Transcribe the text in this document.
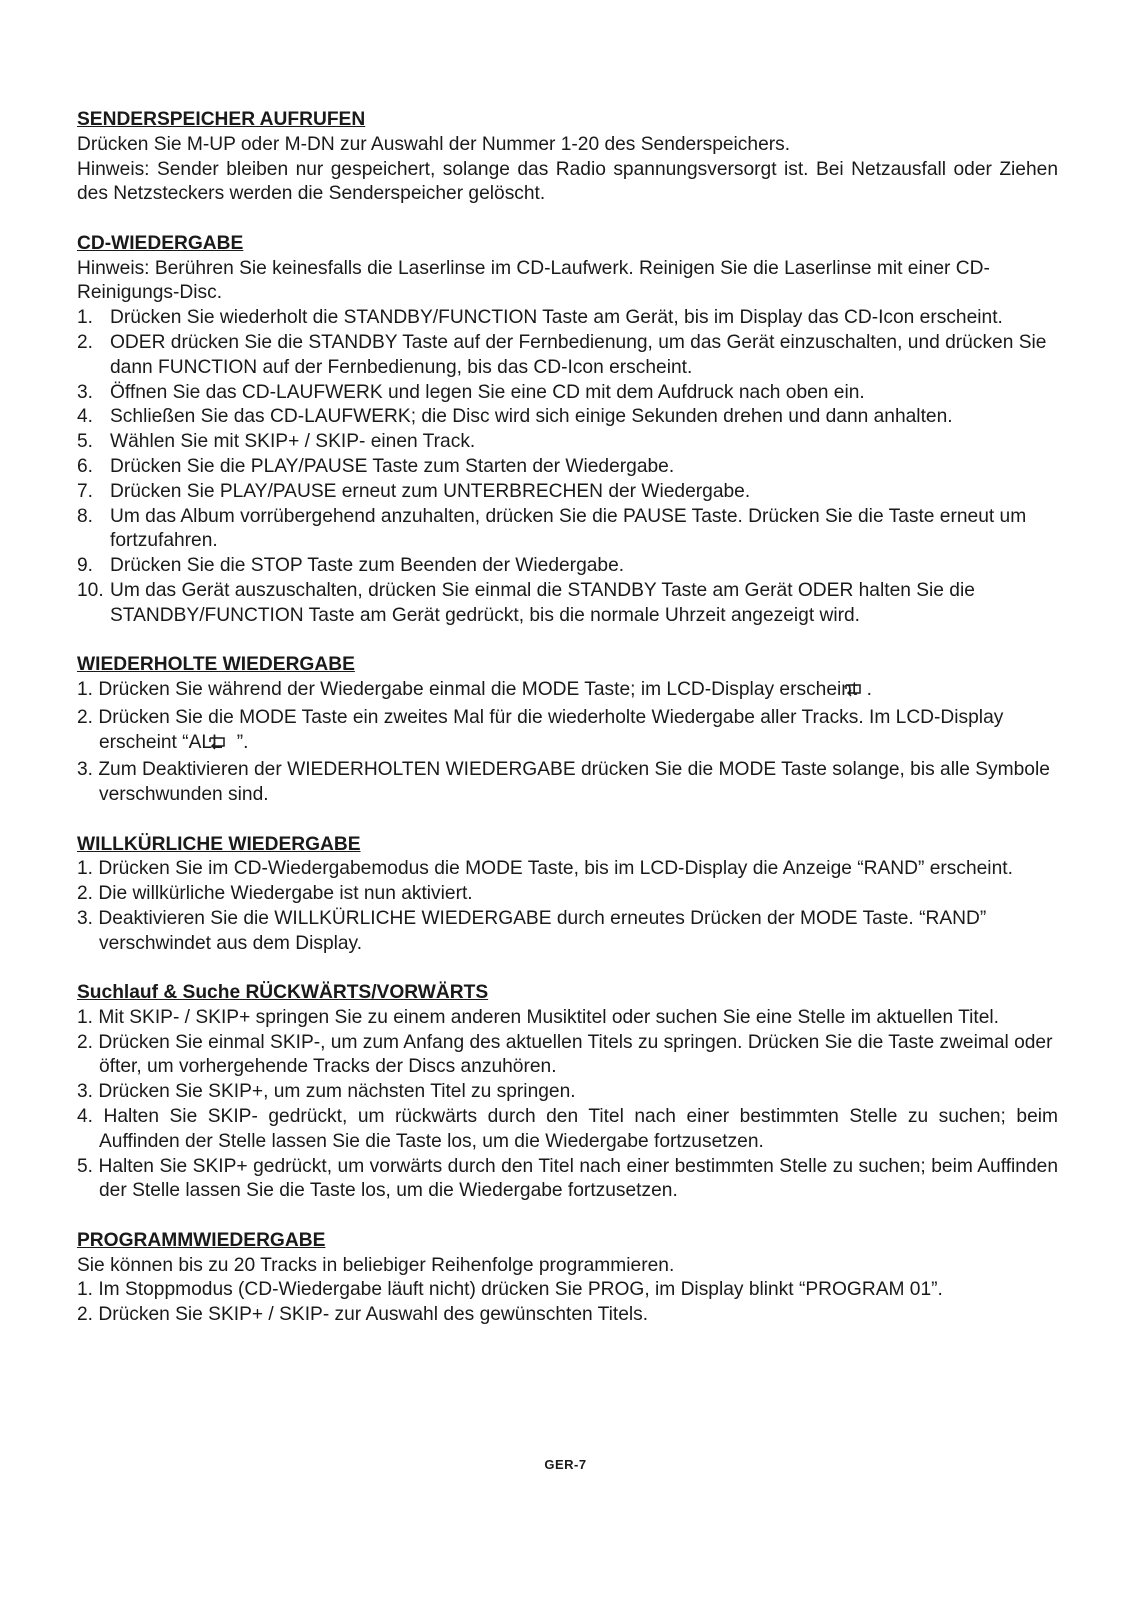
SENDERSPEICHER AUFRUFEN
Drücken Sie M-UP oder M-DN zur Auswahl der Nummer 1-20 des Senderspeichers.
Hinweis: Sender bleiben nur gespeichert, solange das Radio spannungsversorgt ist. Bei Netzausfall oder Ziehen des Netzsteckers werden die Senderspeicher gelöscht.
CD-WIEDERGABE
Hinweis: Berühren Sie keinesfalls die Laserlinse im CD-Laufwerk. Reinigen Sie die Laserlinse mit einer CD-Reinigungs-Disc.
1. Drücken Sie wiederholt die STANDBY/FUNCTION Taste am Gerät, bis im Display das CD-Icon erscheint.
2. ODER drücken Sie die STANDBY Taste auf der Fernbedienung, um das Gerät einzuschalten, und drücken Sie dann FUNCTION auf der Fernbedienung, bis das CD-Icon erscheint.
3. Öffnen Sie das CD-LAUFWERK und legen Sie eine CD mit dem Aufdruck nach oben ein.
4. Schließen Sie das CD-LAUFWERK; die Disc wird sich einige Sekunden drehen und dann anhalten.
5. Wählen Sie mit SKIP+ / SKIP- einen Track.
6. Drücken Sie die PLAY/PAUSE Taste zum Starten der Wiedergabe.
7. Drücken Sie PLAY/PAUSE erneut zum UNTERBRECHEN der Wiedergabe.
8. Um das Album vorrübergehend anzuhalten, drücken Sie die PAUSE Taste. Drücken Sie die Taste erneut um fortzufahren.
9. Drücken Sie die STOP Taste zum Beenden der Wiedergabe.
10. Um das Gerät auszuschalten, drücken Sie einmal die STANDBY Taste am Gerät ODER halten Sie die STANDBY/FUNCTION Taste am Gerät gedrückt, bis die normale Uhrzeit angezeigt wird.
WIEDERHOLTE WIEDERGABE
1. Drücken Sie während der Wiedergabe einmal die MODE Taste; im LCD-Display erscheint .
2. Drücken Sie die MODE Taste ein zweites Mal für die wiederholte Wiedergabe aller Tracks. Im LCD-Display erscheint “ALL ”.
3. Zum Deaktivieren der WIEDERHOLTEN WIEDERGABE drücken Sie die MODE Taste solange, bis alle Symbole verschwunden sind.
WILLKÜRLICHE WIEDERGABE
1. Drücken Sie im CD-Wiedergabemodus die MODE Taste, bis im LCD-Display die Anzeige “RAND” erscheint.
2. Die willkürliche Wiedergabe ist nun aktiviert.
3. Deaktivieren Sie die WILLKÜRLICHE WIEDERGABE durch erneutes Drücken der MODE Taste. “RAND” verschwindet aus dem Display.
Suchlauf & Suche RÜCKWÄRTS/VORWÄRTS
1. Mit SKIP- / SKIP+ springen Sie zu einem anderen Musiktitel oder suchen Sie eine Stelle im aktuellen Titel.
2. Drücken Sie einmal SKIP-, um zum Anfang des aktuellen Titels zu springen. Drücken Sie die Taste zweimal oder öfter, um vorhergehende Tracks der Discs anzuhören.
3. Drücken Sie SKIP+, um zum nächsten Titel zu springen.
4. Halten Sie SKIP- gedrückt, um rückwärts durch den Titel nach einer bestimmten Stelle zu suchen; beim Auffinden der Stelle lassen Sie die Taste los, um die Wiedergabe fortzusetzen.
5. Halten Sie SKIP+ gedrückt, um vorwärts durch den Titel nach einer bestimmten Stelle zu suchen; beim Auffinden der Stelle lassen Sie die Taste los, um die Wiedergabe fortzusetzen.
PROGRAMMWIEDERGABE
Sie können bis zu 20 Tracks in beliebiger Reihenfolge programmieren.
1. Im Stoppmodus (CD-Wiedergabe läuft nicht) drücken Sie PROG, im Display blinkt “PROGRAM 01”.
2. Drücken Sie SKIP+ / SKIP- zur Auswahl des gewünschten Titels.
GER-7
